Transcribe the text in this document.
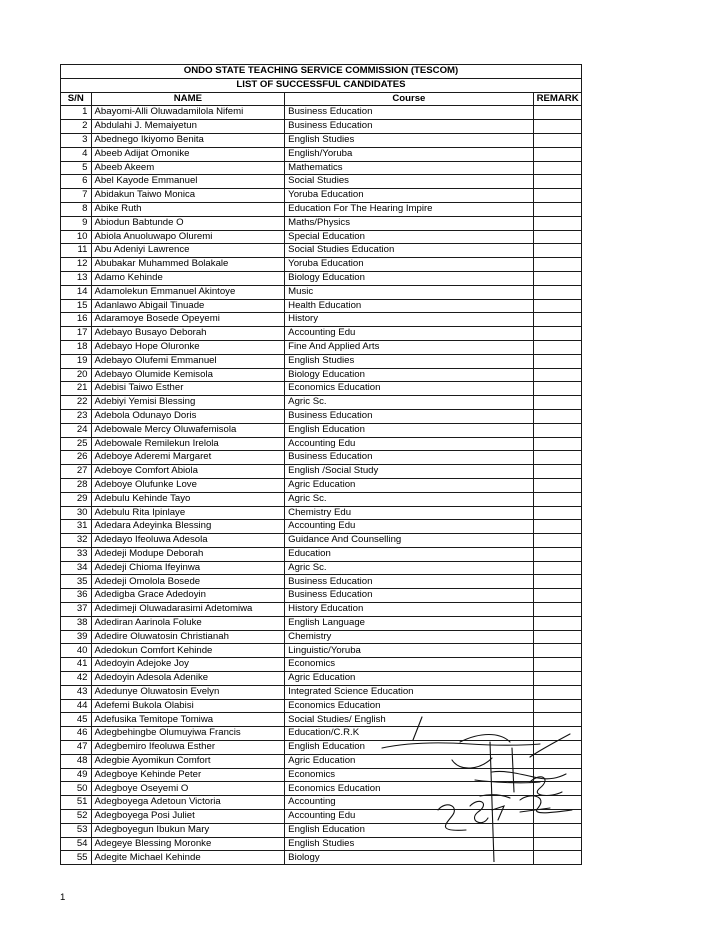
ONDO STATE TEACHING SERVICE COMMISSION (TESCOM)			
LIST OF SUCCESSFUL CANDIDATES			
S/N	NAME	Course	REMARK
1	Abayomi-Alli Oluwadamilola Nifemi	Business Education	
2	Abdulahi J. Memaiyetun	Business Education	
3	Abednego Ikiyomo Benita	English Studies	
4	Abeeb Adijat Omonike	English/Yoruba	
5	Abeeb Akeem	Mathematics	
6	Abel Kayode Emmanuel	Social Studies	
7	Abidakun Taiwo Monica	Yoruba Education	
8	Abike Ruth	Education For The Hearing Impire	
9	Abiodun Babtunde O	Maths/Physics	
10	Abiola Anuoluwapo Oluremi	Special Education	
11	Abu Adeniyi Lawrence	Social Studies Education	
12	Abubakar Muhammed Bolakale	Yoruba Education	
13	Adamo Kehinde	Biology Education	
14	Adamolekun Emmanuel Akintoye	Music	
15	Adanlawo Abigail Tinuade	Health Education	
16	Adaramoye Bosede Opeyemi	History	
17	Adebayo Busayo Deborah	Accounting Edu	
18	Adebayo Hope Oluronke	Fine And Applied Arts	
19	Adebayo Olufemi Emmanuel	English Studies	
20	Adebayo Olumide Kemisola	Biology Education	
21	Adebisi Taiwo Esther	Economics Education	
22	Adebiyi Yemisi Blessing	Agric Sc.	
23	Adebola Odunayo Doris	Business Education	
24	Adebowale Mercy Oluwafemisola	English Education	
25	Adebowale Remilekun Irelola	Accounting Edu	
26	Adeboye Aderemi Margaret	Business Education	
27	Adeboye Comfort Abiola	English /Social Study	
28	Adeboye Olufunke Love	Agric Education	
29	Adebulu Kehinde Tayo	Agric Sc.	
30	Adebulu Rita Ipinlaye	Chemistry Edu	
31	Adedara Adeyinka Blessing	Accounting Edu	
32	Adedayo Ifeoluwa Adesola	Guidance And Counselling	
33	Adedeji Modupe Deborah	Education	
34	Adedeji Chioma Ifeyinwa	Agric Sc.	
35	Adedeji Omolola Bosede	Business Education	
36	Adedigba Grace Adedoyin	Business Education	
37	Adedimeji Oluwadarasimi Adetomiwa	History Education	
38	Adediran Aarinola Foluke	English Language	
39	Adedire Oluwatosin Christianah	Chemistry	
40	Adedokun Comfort Kehinde	Linguistic/Yoruba	
41	Adedoyin Adejoke Joy	Economics	
42	Adedoyin Adesola Adenike	Agric Education	
43	Adedunye Oluwatosin Evelyn	Integrated Science Education	
44	Adefemi Bukola Olabisi	Economics Education	
45	Adefusika Temitope Tomiwa	Social Studies/ English	
46	Adegbehingbe Olumuyiwa Francis	Education/C.R.K	
47	Adegbemiro Ifeoluwa Esther	English Education	
48	Adegbie Ayomikun Comfort	Agric Education	
49	Adegboye Kehinde Peter	Economics	
50	Adegboye Oseyemi O	Economics Education	
51	Adegboyega Adetoun Victoria	Accounting	
52	Adegboyega Posi Juliet	Accounting Edu	
53	Adegboyegun Ibukun Mary	English Education	
54	Adegeye Blessing Moronke	English Studies	
55	Adegite Michael Kehinde	Biology	
1
